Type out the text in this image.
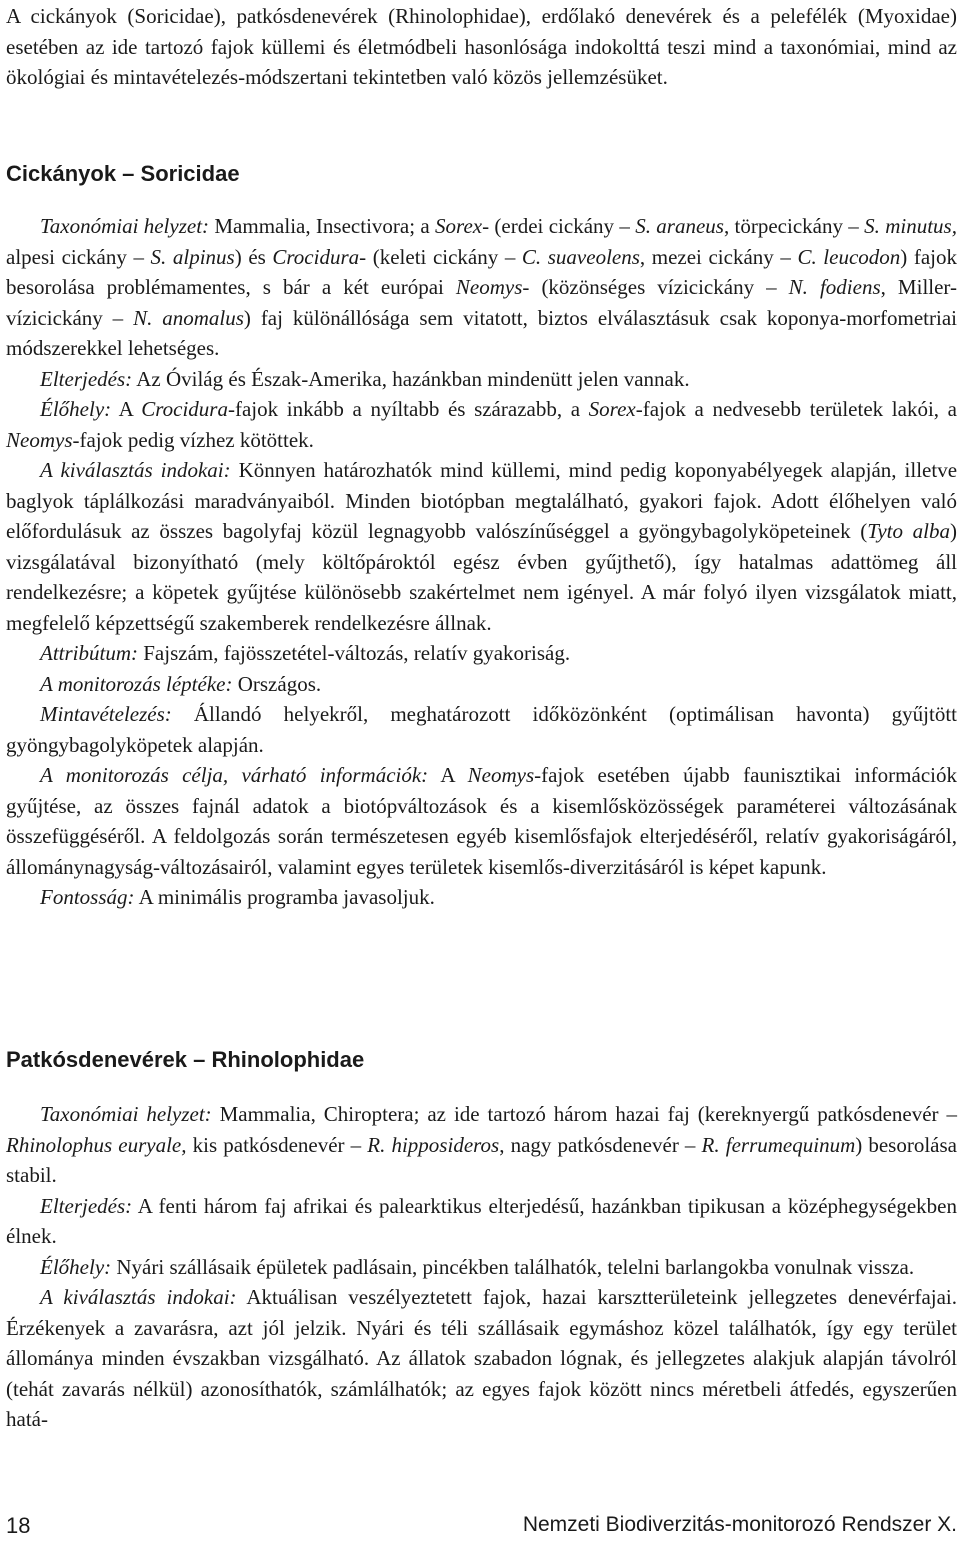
A cickányok (Soricidae), patkósdenevérek (Rhinolophidae), erdőlakó denevérek és a pelefélék (Myoxidae) esetében az ide tartozó fajok küllemi és életmódbeli hasonlósága indokolttá teszi mind a taxonómiai, mind az ökológiai és mintavételezés-módszertani tekintetben való közös jellemzésüket.

Cickányok – Soricidae

Taxonómiai helyzet: Mammalia, Insectivora; a Sorex- (erdei cickány – S. araneus, törpecickány – S. minutus, alpesi cickány – S. alpinus) és Crocidura- (keleti cickány – C. suaveolens, mezei cickány – C. leucodon) fajok besorolása problémamentes, s bár a két európai Neomys- (közönséges vízicickány – N. fodiens, Miller-vízicickány – N. anomalus) faj különállósága sem vitatott, biztos elválasztásuk csak koponya-morfometriai módszerekkel lehetséges.

Elterjedés: Az Óvilág és Észak-Amerika, hazánkban mindenütt jelen vannak.

Élőhely: A Crocidura-fajok inkább a nyíltabb és szárazabb, a Sorex-fajok a nedvesebb területek lakói, a Neomys-fajok pedig vízhez kötöttek.

A kiválasztás indokai: Könnyen határozhatók mind küllemi, mind pedig koponyabélyegek alapján, illetve baglyok táplálkozási maradványaiból. Minden biotópban megtalálható, gyakori fajok. Adott élőhelyen való előfordulásuk az összes bagolyfaj közül legnagyobb valószínűséggel a gyöngybagolyköpeteinek (Tyto alba) vizsgálatával bizonyítható (mely költőpároktól egész évben gyűjthető), így hatalmas adattömeg áll rendelkezésre; a köpetek gyűjtése különösebb szakértelmet nem igényel. A már folyó ilyen vizsgálatok miatt, megfelelő képzettségű szakemberek rendelkezésre állnak.

Attribútum: Fajszám, fajösszetétel-változás, relatív gyakoriság.

A monitorozás léptéke: Országos.

Mintavételezés: Állandó helyekről, meghatározott időközönként (optimálisan havonta) gyűjtött gyöngybagolyköpetek alapján.

A monitorozás célja, várható információk: A Neomys-fajok esetében újabb faunisztikai információk gyűjtése, az összes fajnál adatok a biotópváltozások és a kisemlősközösségek paraméterei változásának összefüggéséről. A feldolgozás során természetesen egyéb kisemlősfajok elterjedéséről, relatív gyakoriságáról, állománynagyság-változásairól, valamint egyes területek kisemlős-diverzitásáról is képet kapunk.

Fontosság: A minimális programba javasoljuk.

Patkósdenevérek – Rhinolophidae

Taxonómiai helyzet: Mammalia, Chiroptera; az ide tartozó három hazai faj (kereknyergű patkósdenevér – Rhinolophus euryale, kis patkósdenevér – R. hipposideros, nagy patkósdenevér – R. ferrumequinum) besorolása stabil.

Elterjedés: A fenti három faj afrikai és palearktikus elterjedésű, hazánkban tipikusan a középhegységekben élnek.

Élőhely: Nyári szállásaik épületek padlásain, pincékben találhatók, telelni barlangokba vonulnak vissza.

A kiválasztás indokai: Aktuálisan veszélyeztetett fajok, hazai karsztterületeink jellegzetes denevérfajai. Érzékenyek a zavarásra, azt jól jelzik. Nyári és téli szállásaik egymáshoz közel találhatók, így egy terület állománya minden évszakban vizsgálható. Az állatok szabadon lógnak, és jellegzetes alakjuk alapján távolról (tehát zavarás nélkül) azonosíthatók, számlálhatók; az egyes fajok között nincs méretbeli átfedés, egyszerűen hatá-

18	Nemzeti Biodiverzitás-monitorozó Rendszer X.
